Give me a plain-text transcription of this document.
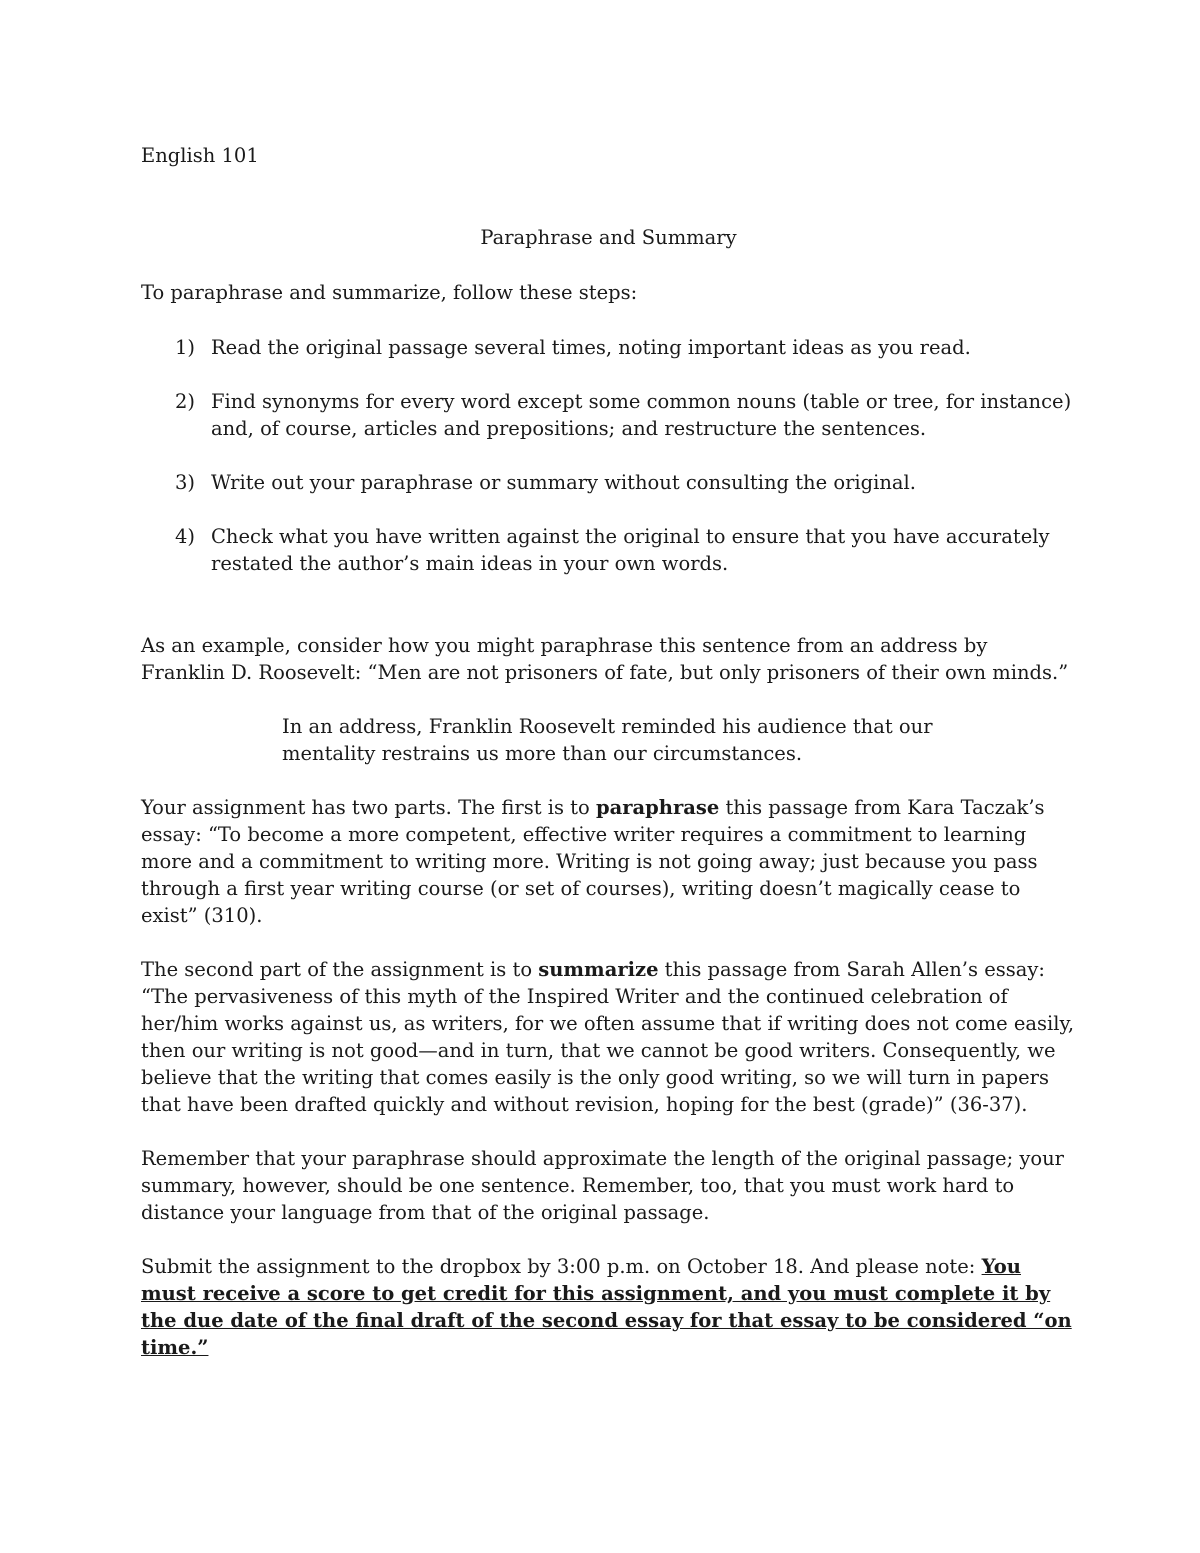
English 101

Paraphrase and Summary

To paraphrase and summarize, follow these steps:

1) Read the original passage several times, noting important ideas as you read.
2) Find synonyms for every word except some common nouns (table or tree, for instance) and, of course, articles and prepositions; and restructure the sentences.
3) Write out your paraphrase or summary without consulting the original.
4) Check what you have written against the original to ensure that you have accurately restated the author’s main ideas in your own words.

As an example, consider how you might paraphrase this sentence from an address by Franklin D. Roosevelt: “Men are not prisoners of fate, but only prisoners of their own minds.”

In an address, Franklin Roosevelt reminded his audience that our mentality restrains us more than our circumstances.

Your assignment has two parts. The first is to paraphrase this passage from Kara Taczak’s essay: “To become a more competent, effective writer requires a commitment to learning more and a commitment to writing more. Writing is not going away; just because you pass through a first year writing course (or set of courses), writing doesn’t magically cease to exist” (310).

The second part of the assignment is to summarize this passage from Sarah Allen’s essay: “The pervasiveness of this myth of the Inspired Writer and the continued celebration of her/him works against us, as writers, for we often assume that if writing does not come easily, then our writing is not good—and in turn, that we cannot be good writers. Consequently, we believe that the writing that comes easily is the only good writing, so we will turn in papers that have been drafted quickly and without revision, hoping for the best (grade)” (36-37).

Remember that your paraphrase should approximate the length of the original passage; your summary, however, should be one sentence. Remember, too, that you must work hard to distance your language from that of the original passage.

Submit the assignment to the dropbox by 3:00 p.m. on October 18. And please note: You must receive a score to get credit for this assignment, and you must complete it by the due date of the final draft of the second essay for that essay to be considered “on time.”
